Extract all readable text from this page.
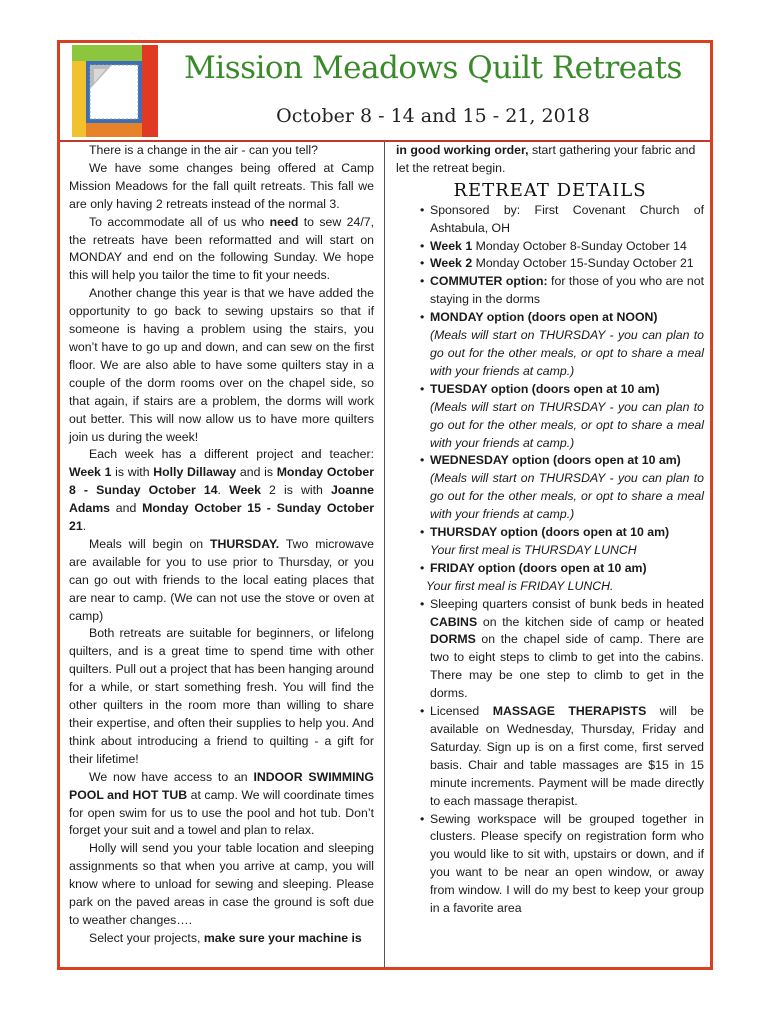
Mission Meadows Quilt Retreats
October 8 - 14 and 15 - 21, 2018

There is a change in the air - can you tell?

We have some changes being offered at Camp Mission Meadows for the fall quilt retreats. This fall we are only having 2 retreats instead of the normal 3.

To accommodate all of us who need to sew 24/7, the retreats have been reformatted and will start on MONDAY and end on the following Sunday. We hope this will help you tailor the time to fit your needs.

Another change this year is that we have added the opportunity to go back to sewing upstairs so that if someone is having a problem using the stairs, you won’t have to go up and down, and can sew on the first floor. We are also able to have some quilters stay in a couple of the dorm rooms over on the chapel side, so that again, if stairs are a problem, the dorms will work out better. This will now allow us to have more quilters join us during the week!

Each week has a different project and teacher: Week 1 is with Holly Dillaway and is Monday October 8 - Sunday October 14. Week 2 is with Joanne Adams and Monday October 15 - Sunday October 21.

Meals will begin on THURSDAY. Two microwave are available for you to use prior to Thursday, or you can go out with friends to the local eating places that are near to camp. (We can not use the stove or oven at camp)

Both retreats are suitable for beginners, or lifelong quilters, and is a great time to spend time with other quilters. Pull out a project that has been hanging around for a while, or start something fresh. You will find the other quilters in the room more than willing to share their expertise, and often their supplies to help you. And think about introducing a friend to quilting - a gift for their lifetime!

We now have access to an INDOOR SWIMMING POOL and HOT TUB at camp. We will coordinate times for open swim for us to use the pool and hot tub. Don’t forget your suit and a towel and plan to relax.

Holly will send you your table location and sleeping assignments so that when you arrive at camp, you will know where to unload for sewing and sleeping. Please park on the paved areas in case the ground is soft due to weather changes….

Select your projects, make sure your machine is

in good working order, start gathering your fabric and let the retreat begin.

RETREAT DETAILS
• Sponsored by: First Covenant Church of Ashtabula, OH
• Week 1 Monday October 8-Sunday October 14
• Week 2 Monday October 15-Sunday October 21
• COMMUTER option: for those of you who are not staying in the dorms
• MONDAY option (doors open at NOON)
(Meals will start on THURSDAY - you can plan to go out for the other meals, or opt to share a meal with your friends at camp.)
• TUESDAY option (doors open at 10 am)
(Meals will start on THURSDAY - you can plan to go out for the other meals, or opt to share a meal with your friends at camp.)
• WEDNESDAY option (doors open at 10 am)
(Meals will start on THURSDAY - you can plan to go out for the other meals, or opt to share a meal with your friends at camp.)
• THURSDAY option (doors open at 10 am)
Your first meal is THURSDAY LUNCH
• FRIDAY option (doors open at 10 am)
Your first meal is FRIDAY LUNCH.
• Sleeping quarters consist of bunk beds in heated CABINS on the kitchen side of camp or heated DORMS on the chapel side of camp. There are two to eight steps to climb to get into the cabins. There may be one step to climb to get in the dorms.
• Licensed MASSAGE THERAPISTS will be available on Wednesday, Thursday, Friday and Saturday. Sign up is on a first come, first served basis. Chair and table massages are $15 in 15 minute increments. Payment will be made directly to each massage therapist.
• Sewing workspace will be grouped together in clusters. Please specify on registration form who you would like to sit with, upstairs or down, and if you want to be near an open window, or away from window. I will do my best to keep your group in a favorite area
